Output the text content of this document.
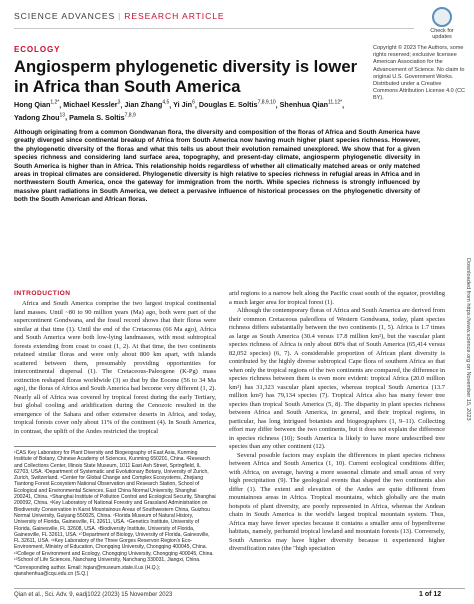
SCIENCE ADVANCES | RESEARCH ARTICLE
Check for
updates
ECOLOGY
Angiosperm phylogenetic diversity is lower in Africa than South America
Hong Qian$^{1,2*}$, Michael Kessler$^3$, Jian Zhang$^{4,5}$, Yi Jin$^6$, Douglas E. Soltis$^{7,8,9,10}$, Shenhua Qian$^{11,12*}$, Yadong Zhou$^{13}$, Pamela S. Soltis$^{7,8,9}$
Copyright © 2023 The Authors, some rights reserved; exclusive licensee American Association for the Advancement of Science. No claim to original U.S. Government Works. Distributed under a Creative Commons Attribution License 4.0 (CC BY).
Although originating from a common Gondwanan flora, the diversity and composition of the floras of Africa and South America have greatly diverged since continental breakup of Africa from South America now having much higher plant species richness. However, the phylogenetic diversity of the floras and what this tells us about their evolution remained unexplored. We show that for a given species richness and considering land surface area, topography, and present-day climate, angiosperm phylogenetic diversity in South America is higher than in Africa. This relationship holds regardless of whether all climatically matched areas or only matched areas in tropical climates are considered. Phylogenetic diversity is high relative to species richness in refugial areas in Africa and in northwestern South America, once the gateway for immigration from the north. While species richness is strongly influenced by massive plant radiations in South America, we detect a pervasive influence of historical processes on the phylogenetic diversity of both the South American and African floras.
Downloaded from https://www.science.org on November 15, 2023
INTRODUCTION

Africa and South America comprise the two largest tropical continental land masses. Until ~80 to 90 million years (Ma) ago, both were part of the supercontinent Gondwana, and the fossil record shows that their floras were similar at that time (1). Until the end of the Cretaceous (66 Ma ago), Africa and South America were both low-lying landmasses, with most subtropical forests extending from coast to coast (1, 2). At that time, the two continents retained similar floras and were only about 800 km apart, with islands scattered between them, presumably providing opportunities for intercontinental dispersal (1). The Cretaceous-Paleogene (K-Pg) mass extinction reshaped floras worldwide (3) so that by the Eocene (56 to 34 Ma ago), the floras of Africa and South America had become very different (1, 2). Nearly all of Africa was covered by tropical forest during the early Tertiary, but global cooling and aridification during the Cenozoic resulted in the emergence of the Sahara and other extensive deserts in Africa, and today, tropical forests cover only about 11% of the continent (4). In South America, in contrast, the uplift of the Andes restricted the tropical

¹CAS Key Laboratory for Plant Diversity and Biogeography of East Asia, Kunming Institute of Botany, Chinese Academy of Sciences, Kunming 650201, China. ²Research and Collections Center, Illinois State Museum, 1011 East Ash Street, Springfield, IL 62703, USA. ³Department of Systematic and Evolutionary Botany, University of Zurich, Zurich, Switzerland. ⁴Center for Global Change and Complex Ecosystems, Zhejiang Tiantong Forest Ecosystem National Observation and Research Station, School of Ecological and Environmental Sciences, East China Normal University, Shanghai 200241, China. ⁵Shanghai Institute of Pollution Control and Ecological Security, Shanghai 200092, China. ⁶Key Laboratory of National Forestry and Grassland Administration on Biodiversity Conservation in Karst Mountainous Areas of Southwestern China, Guizhou Normal University, Guiyang 550025, China. ⁷Florida Museum of Natural History, University of Florida, Gainesville, FL 32611, USA. ⁸Genetics Institute, University of Florida, Gainesville, FL 32608, USA. ⁹Biodiversity Institute, University of Florida, Gainesville, FL 32611, USA. ¹⁰Department of Biology, University of Florida, Gainesville, FL 32611, USA. ¹¹Key Laboratory of the Three Gorges Reservoir Region's Eco-Environment, Ministry of Education, Chongqing University, Chongqing 400045, China. ¹²College of Environment and Ecology, Chongqing University, Chongqing 400045, China. ¹³School of Life Sciences, Nanchang University, Nanchang 330031, Jiangxi, China.

*Corresponding author. Email: hqian@museum.state.il.us (H.Q.); qianshenhua@cqu.edu.cn (S.Q.)

arid regions to a narrow belt along the Pacific coast south of the equator, providing a much larger area for tropical forest (1).

Although the contemporary floras of Africa and South America are derived from their common Cretaceous paleoflora of Western Gondwana, today, plant species richness differs substantially between the two continents (1, 5). Africa is 1.7 times as large as South America (30.4 versus 17.8 million km²), but the vascular plant species richness of Africa is only about 80% that of South America (65,414 versus 82,052 species) (6, 7). A considerable proportion of African plant diversity is contributed by the highly diverse subtropical Cape flora of southern Africa so that when only the tropical regions of the two continents are compared, the difference in species richness between them is even more evident: tropical Africa (20.0 million km²) has 31,323 vascular plant species, whereas tropical South America (13.7 million km²) has 79,134 species (7). Tropical Africa also has many fewer tree species than tropical South America (5, 8). The disparity in plant species richness between Africa and South America, in general, and their tropical regions, in particular, has long intrigued botanists and biogeographers (1, 9–11). Collecting effort may differ between the two continents, but it does not explain the difference in species richness (10); South America is likely to have more undescribed tree species than any other continent (12).

Several possible factors may explain the differences in plant species richness between Africa and South America (1, 10). Current ecological conditions differ, with Africa, on average, having a more seasonal climate and small areas of very high precipitation (9). The geological events that shaped the two continents also differ (1). The extent and elevation of the Andes are quite different from mountainous areas in Africa. Tropical mountains, which globally are the main hotspots of plant diversity, are poorly represented in Africa, whereas the Andean chain in South America is the world's largest tropical mountain system. Thus, Africa may have fewer species because it contains a smaller area of hyperdiverse habitats, namely, perhumid tropical lowland and mountain forests (13). Conversely, South America may have higher diversity because it experienced higher diversification rates (the "high speciation

Qian et al., Sci. Adv. 9, eadj1022 (2023) 15 November 2023	1 of 12
